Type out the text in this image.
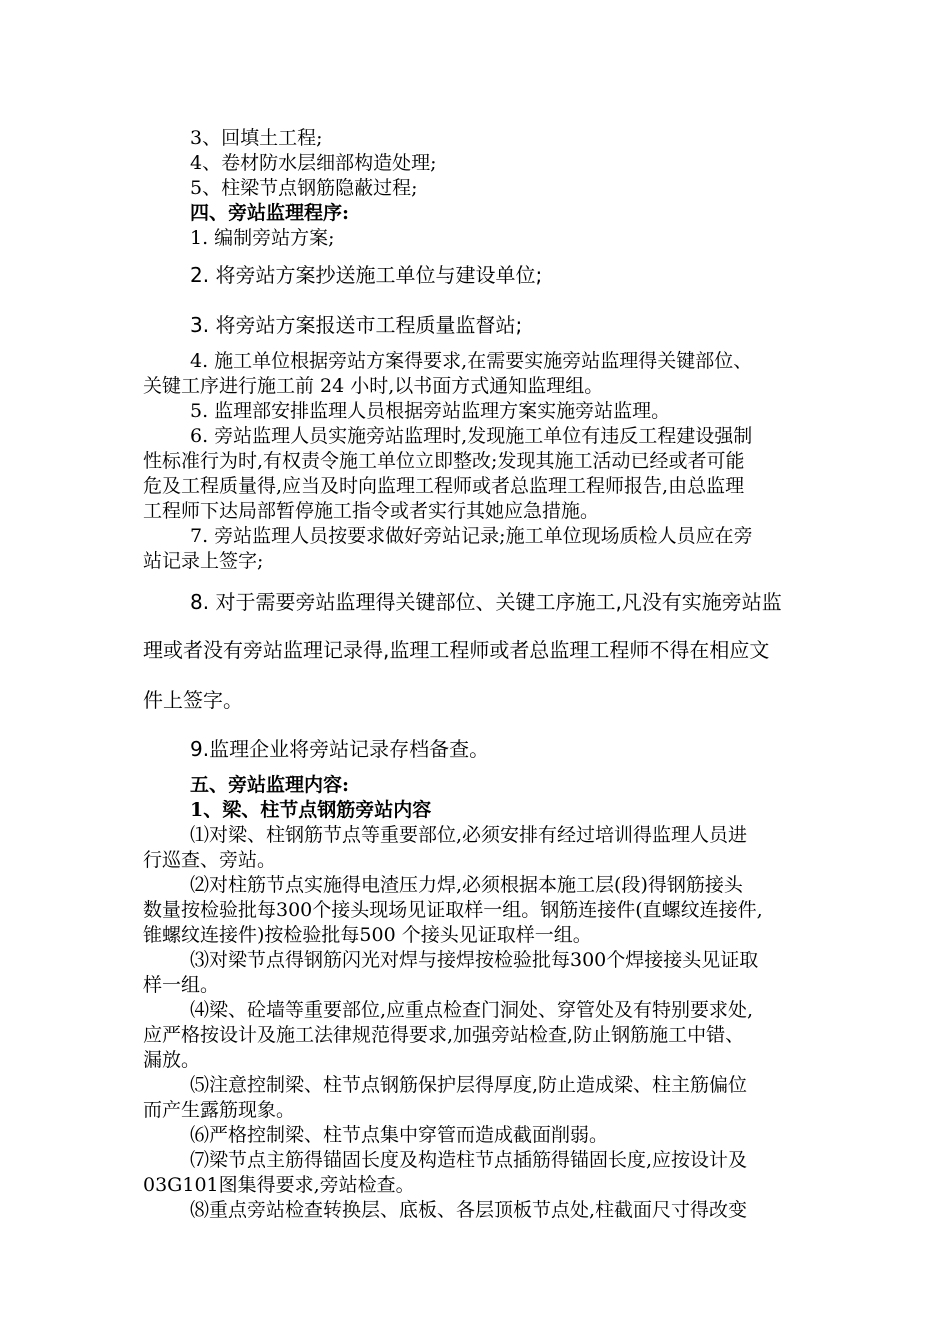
3、回填土工程;
4、卷材防水层细部构造处理;
5、柱梁节点钢筋隐蔽过程;
四、旁站监理程序:
1. 编制旁站方案;
2. 将旁站方案抄送施工单位与建设单位;
3. 将旁站方案报送市工程质量监督站;
4. 施工单位根据旁站方案得要求,在需要实施旁站监理得关键部位、
关键工序进行施工前 24 小时,以书面方式通知监理组。
5. 监理部安排监理人员根据旁站监理方案实施旁站监理。
6. 旁站监理人员实施旁站监理时,发现施工单位有违反工程建设强制
性标准行为时,有权责令施工单位立即整改;发现其施工活动已经或者可能
危及工程质量得,应当及时向监理工程师或者总监理工程师报告,由总监理
工程师下达局部暂停施工指令或者实行其她应急措施。
7. 旁站监理人员按要求做好旁站记录;施工单位现场质检人员应在旁
站记录上签字;
8. 对于需要旁站监理得关键部位、关键工序施工,凡没有实施旁站监
理或者没有旁站监理记录得,监理工程师或者总监理工程师不得在相应文
件上签字。
9.监理企业将旁站记录存档备查。
五、旁站监理内容:
1、梁、柱节点钢筋旁站内容
⑴对梁、柱钢筋节点等重要部位,必须安排有经过培训得监理人员进
行巡查、旁站。
⑵对柱筋节点实施得电渣压力焊,必须根据本施工层(段)得钢筋接头
数量按检验批每300个接头现场见证取样一组。钢筋连接件(直螺纹连接件,
锥螺纹连接件)按检验批每500 个接头见证取样一组。
⑶对梁节点得钢筋闪光对焊与接焊按检验批每300个焊接接头见证取
样一组。
⑷梁、砼墙等重要部位,应重点检查门洞处、穿管处及有特别要求处,
应严格按设计及施工法律规范得要求,加强旁站检查,防止钢筋施工中错、
漏放。
⑸注意控制梁、柱节点钢筋保护层得厚度,防止造成梁、柱主筋偏位
而产生露筋现象。
⑹严格控制梁、柱节点集中穿管而造成截面削弱。
⑺梁节点主筋得锚固长度及构造柱节点插筋得锚固长度,应按设计及
03G101图集得要求,旁站检查。
⑻重点旁站检查转换层、底板、各层顶板节点处,柱截面尺寸得改变
